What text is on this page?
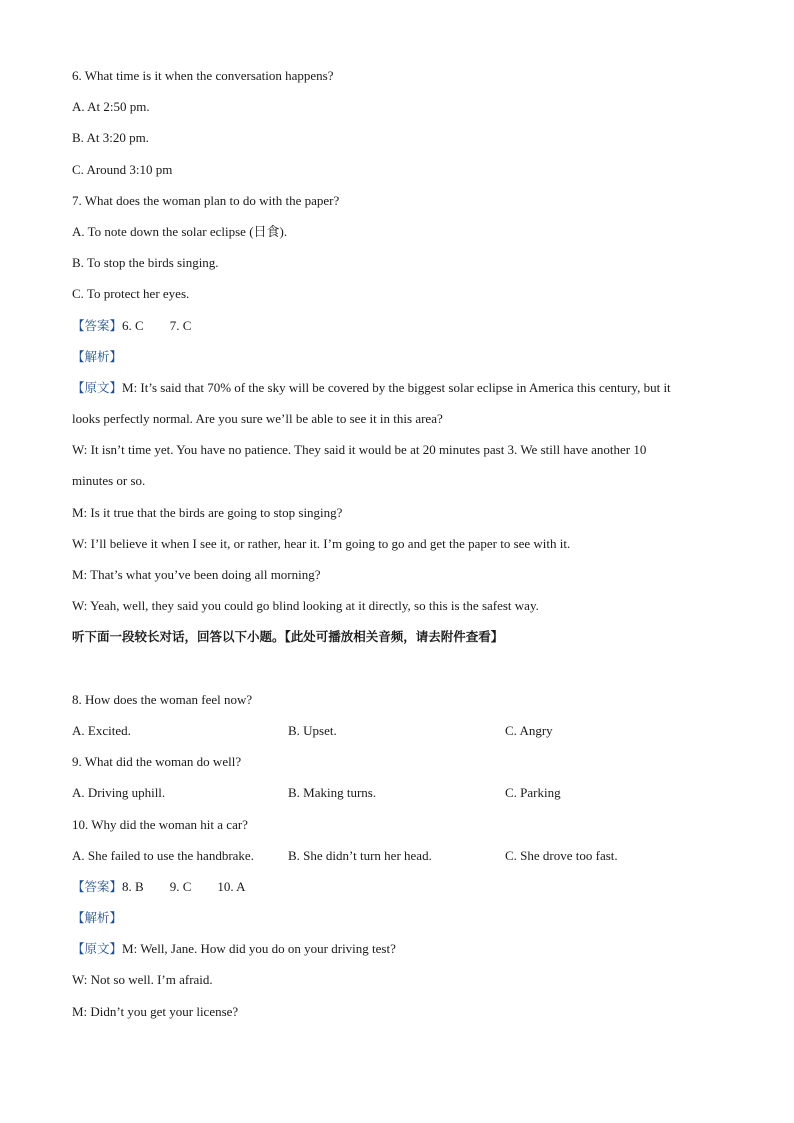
6. What time is it when the conversation happens?
A. At 2:50 pm.
B. At 3:20 pm.
C. Around 3:10 pm
7. What does the woman plan to do with the paper?
A. To note down the solar eclipse (日食).
B. To stop the birds singing.
C. To protect her eyes.
【答案】6. C 7. C
【解析】
【原文】M: It’s said that 70% of the sky will be covered by the biggest solar eclipse in America this century, but it
looks perfectly normal. Are you sure we’ll be able to see it in this area?
W: It isn’t time yet. You have no patience. They said it would be at 20 minutes past 3. We still have another 10
minutes or so.
M: Is it true that the birds are going to stop singing?
W: I’ll believe it when I see it, or rather, hear it. I’m going to go and get the paper to see with it.
M: That’s what you’ve been doing all morning?
W: Yeah, well, they said you could go blind looking at it directly, so this is the safest way.
听下面一段较长对话，回答以下小题。【此处可播放相关音频，请去附件查看】
8. How does the woman feel now?
A. Excited.	B. Upset.	C. Angry
9. What did the woman do well?
A. Driving uphill.	B. Making turns.	C. Parking
10. Why did the woman hit a car?
A. She failed to use the handbrake.	B. She didn’t turn her head.	C. She drove too fast.
【答案】8. B 9. C 10. A
【解析】
【原文】M: Well, Jane. How did you do on your driving test?
W: Not so well. I’m afraid.
M: Didn’t you get your license?
